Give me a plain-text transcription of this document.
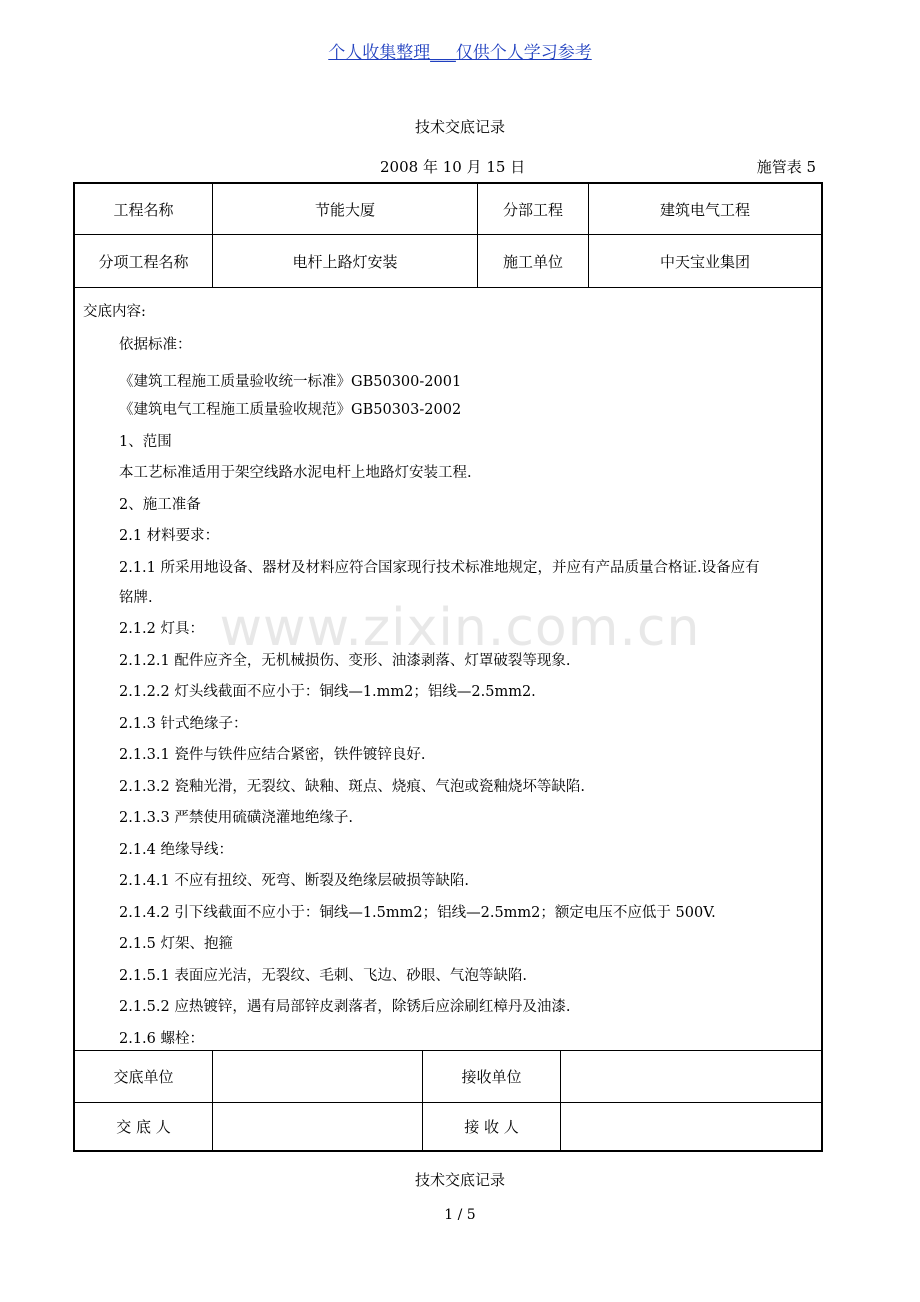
个人收集整理___仅供个人学习参考
技术交底记录
2008 年 10 月 15 日	施管表 5
工程名称	节能大厦	分部工程	建筑电气工程
分项工程名称	电杆上路灯安装	施工单位	中天宝业集团
交底内容:
依据标准：
《建筑工程施工质量验收统一标准》GB50300-2001
《建筑电气工程施工质量验收规范》GB50303-2002
1、范围
本工艺标准适用于架空线路水泥电杆上地路灯安装工程.
2、施工准备
2.1 材料要求：
2.1.1 所采用地设备、器材及材料应符合国家现行技术标准地规定，并应有产品质量合格证.设备应有
铭牌.
2.1.2 灯具：
2.1.2.1 配件应齐全，无机械损伤、变形、油漆剥落、灯罩破裂等现象.
2.1.2.2 灯头线截面不应小于：铜线—1.mm2；铝线—2.5mm2.
2.1.3 针式绝缘子：
2.1.3.1 瓷件与铁件应结合紧密，铁件镀锌良好.
2.1.3.2 瓷釉光滑，无裂纹、缺釉、斑点、烧痕、气泡或瓷釉烧坏等缺陷.
2.1.3.3 严禁使用硫磺浇灌地绝缘子.
2.1.4 绝缘导线：
2.1.4.1 不应有扭绞、死弯、断裂及绝缘层破损等缺陷.
2.1.4.2 引下线截面不应小于：铜线—1.5mm2；铝线—2.5mm2；额定电压不应低于 500V.
2.1.5 灯架、抱箍
2.1.5.1 表面应光洁，无裂纹、毛刺、飞边、砂眼、气泡等缺陷.
2.1.5.2 应热镀锌，遇有局部锌皮剥落者，除锈后应涂刷红樟丹及油漆.
2.1.6 螺栓：
交底单位	接收单位
交 底 人	接 收 人
www.zixin.com.cn
技术交底记录
1 / 5
